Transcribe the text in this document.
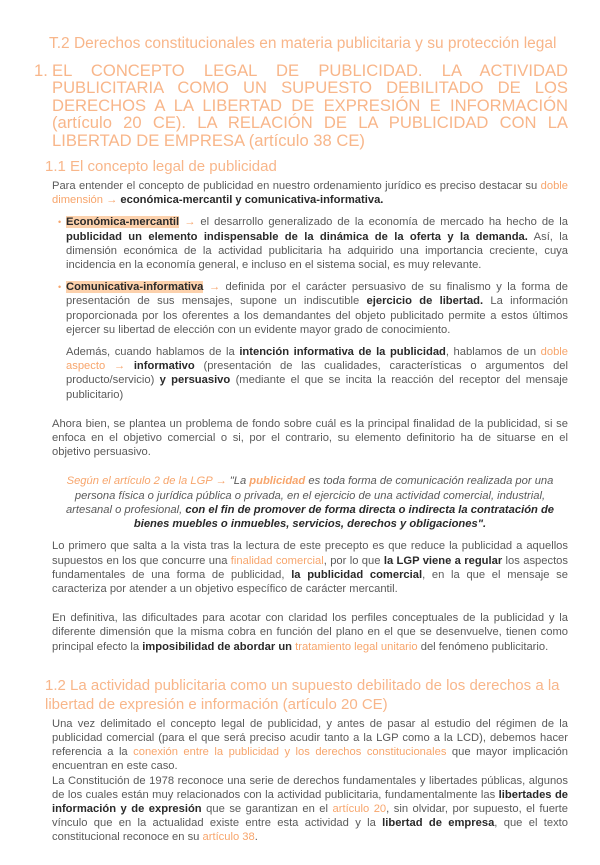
T.2 Derechos constitucionales en materia publicitaria y su protección legal
1. EL CONCEPTO LEGAL DE PUBLICIDAD. LA ACTIVIDAD PUBLICITARIA COMO UN SUPUESTO DEBILITADO DE LOS DERECHOS A LA LIBERTAD DE EXPRESIÓN E INFORMACIÓN (artículo 20 CE). LA RELACIÓN DE LA PUBLICIDAD CON LA LIBERTAD DE EMPRESA (artículo 38 CE)
1.1 El concepto legal de publicidad
Para entender el concepto de publicidad en nuestro ordenamiento jurídico es preciso destacar su doble dimensión → económica-mercantil y comunicativa-informativa.
• Económica-mercantil → el desarrollo generalizado de la economía de mercado ha hecho de la publicidad un elemento indispensable de la dinámica de la oferta y la demanda. Así, la dimensión económica de la actividad publicitaria ha adquirido una importancia creciente, cuya incidencia en la economía general, e incluso en el sistema social, es muy relevante.
• Comunicativa-informativa → definida por el carácter persuasivo de su finalismo y la forma de presentación de sus mensajes, supone un indiscutible ejercicio de libertad. La información proporcionada por los oferentes a los demandantes del objeto publicitado permite a estos últimos ejercer su libertad de elección con un evidente mayor grado de conocimiento.
Además, cuando hablamos de la intención informativa de la publicidad, hablamos de un doble aspecto → informativo (presentación de las cualidades, características o argumentos del producto/servicio) y persuasivo (mediante el que se incita la reacción del receptor del mensaje publicitario)
Ahora bien, se plantea un problema de fondo sobre cuál es la principal finalidad de la publicidad, si se enfoca en el objetivo comercial o si, por el contrario, su elemento definitorio ha de situarse en el objetivo persuasivo.
Según el artículo 2 de la LGP → "La publicidad es toda forma de comunicación realizada por una persona física o jurídica pública o privada, en el ejercicio de una actividad comercial, industrial, artesanal o profesional, con el fin de promover de forma directa o indirecta la contratación de bienes muebles o inmuebles, servicios, derechos y obligaciones".
Lo primero que salta a la vista tras la lectura de este precepto es que reduce la publicidad a aquellos supuestos en los que concurre una finalidad comercial, por lo que la LGP viene a regular los aspectos fundamentales de una forma de publicidad, la publicidad comercial, en la que el mensaje se caracteriza por atender a un objetivo específico de carácter mercantil.
En definitiva, las dificultades para acotar con claridad los perfiles conceptuales de la publicidad y la diferente dimensión que la misma cobra en función del plano en el que se desenvuelve, tienen como principal efecto la imposibilidad de abordar un tratamiento legal unitario del fenómeno publicitario.
1.2 La actividad publicitaria como un supuesto debilitado de los derechos a la libertad de expresión e información (artículo 20 CE)
Una vez delimitado el concepto legal de publicidad, y antes de pasar al estudio del régimen de la publicidad comercial (para el que será preciso acudir tanto a la LGP como a la LCD), debemos hacer referencia a la conexión entre la publicidad y los derechos constitucionales que mayor implicación encuentran en este caso.
La Constitución de 1978 reconoce una serie de derechos fundamentales y libertades públicas, algunos de los cuales están muy relacionados con la actividad publicitaria, fundamentalmente las libertades de información y de expresión que se garantizan en el artículo 20, sin olvidar, por supuesto, el fuerte vínculo que en la actualidad existe entre esta actividad y la libertad de empresa, que el texto constitucional reconoce en su artículo 38.
